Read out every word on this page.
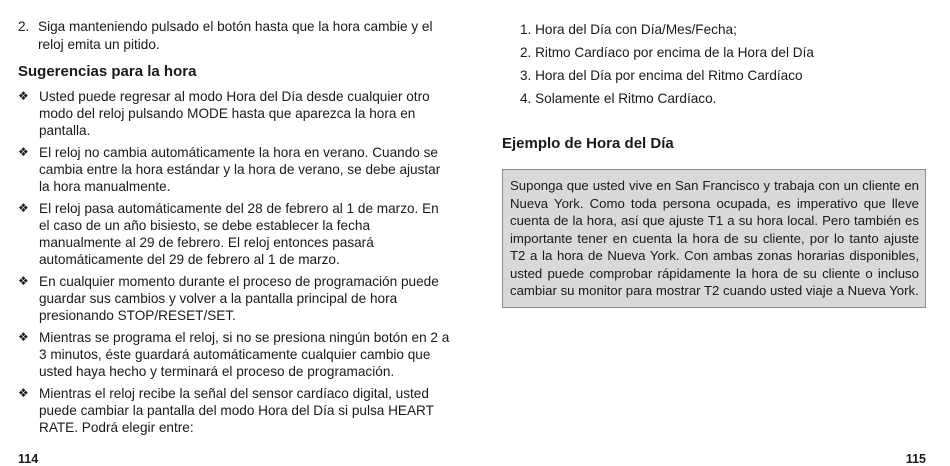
2. Siga manteniendo pulsado el botón hasta que la hora cambie y el reloj emita un pitido.
Sugerencias para la hora
❖ Usted puede regresar al modo Hora del Día desde cualquier otro modo del reloj pulsando MODE hasta que aparezca la hora en pantalla.
❖ El reloj no cambia automáticamente la hora en verano. Cuando se cambia entre la hora estándar y la hora de verano, se debe ajustar la hora manualmente.
❖ El reloj pasa automáticamente del 28 de febrero al 1 de marzo. En el caso de un año bisiesto, se debe establecer la fecha manualmente al 29 de febrero. El reloj entonces pasará automáticamente del 29 de febrero al 1 de marzo.
❖ En cualquier momento durante el proceso de programación puede guardar sus cambios y volver a la pantalla principal de hora presionando STOP/RESET/SET.
❖ Mientras se programa el reloj, si no se presiona ningún botón en 2 a 3 minutos, éste guardará automáticamente cualquier cambio que usted haya hecho y terminará el proceso de programación.
❖ Mientras el reloj recibe la señal del sensor cardíaco digital, usted puede cambiar la pantalla del modo Hora del Día si pulsa HEART RATE. Podrá elegir entre:
114
1. Hora del Día con Día/Mes/Fecha;
2. Ritmo Cardíaco por encima de la Hora del Día
3. Hora del Día por encima del Ritmo Cardíaco
4. Solamente el Ritmo Cardíaco.
Ejemplo de Hora del Día
Suponga que usted vive en San Francisco y trabaja con un cliente en Nueva York. Como toda persona ocupada, es imperativo que lleve cuenta de la hora, así que ajuste T1 a su hora local. Pero también es importante tener en cuenta la hora de su cliente, por lo tanto ajuste T2 a la hora de Nueva York. Con ambas zonas horarias disponibles, usted puede comprobar rápidamente la hora de su cliente o incluso cambiar su monitor para mostrar T2 cuando usted viaje a Nueva York.
115
